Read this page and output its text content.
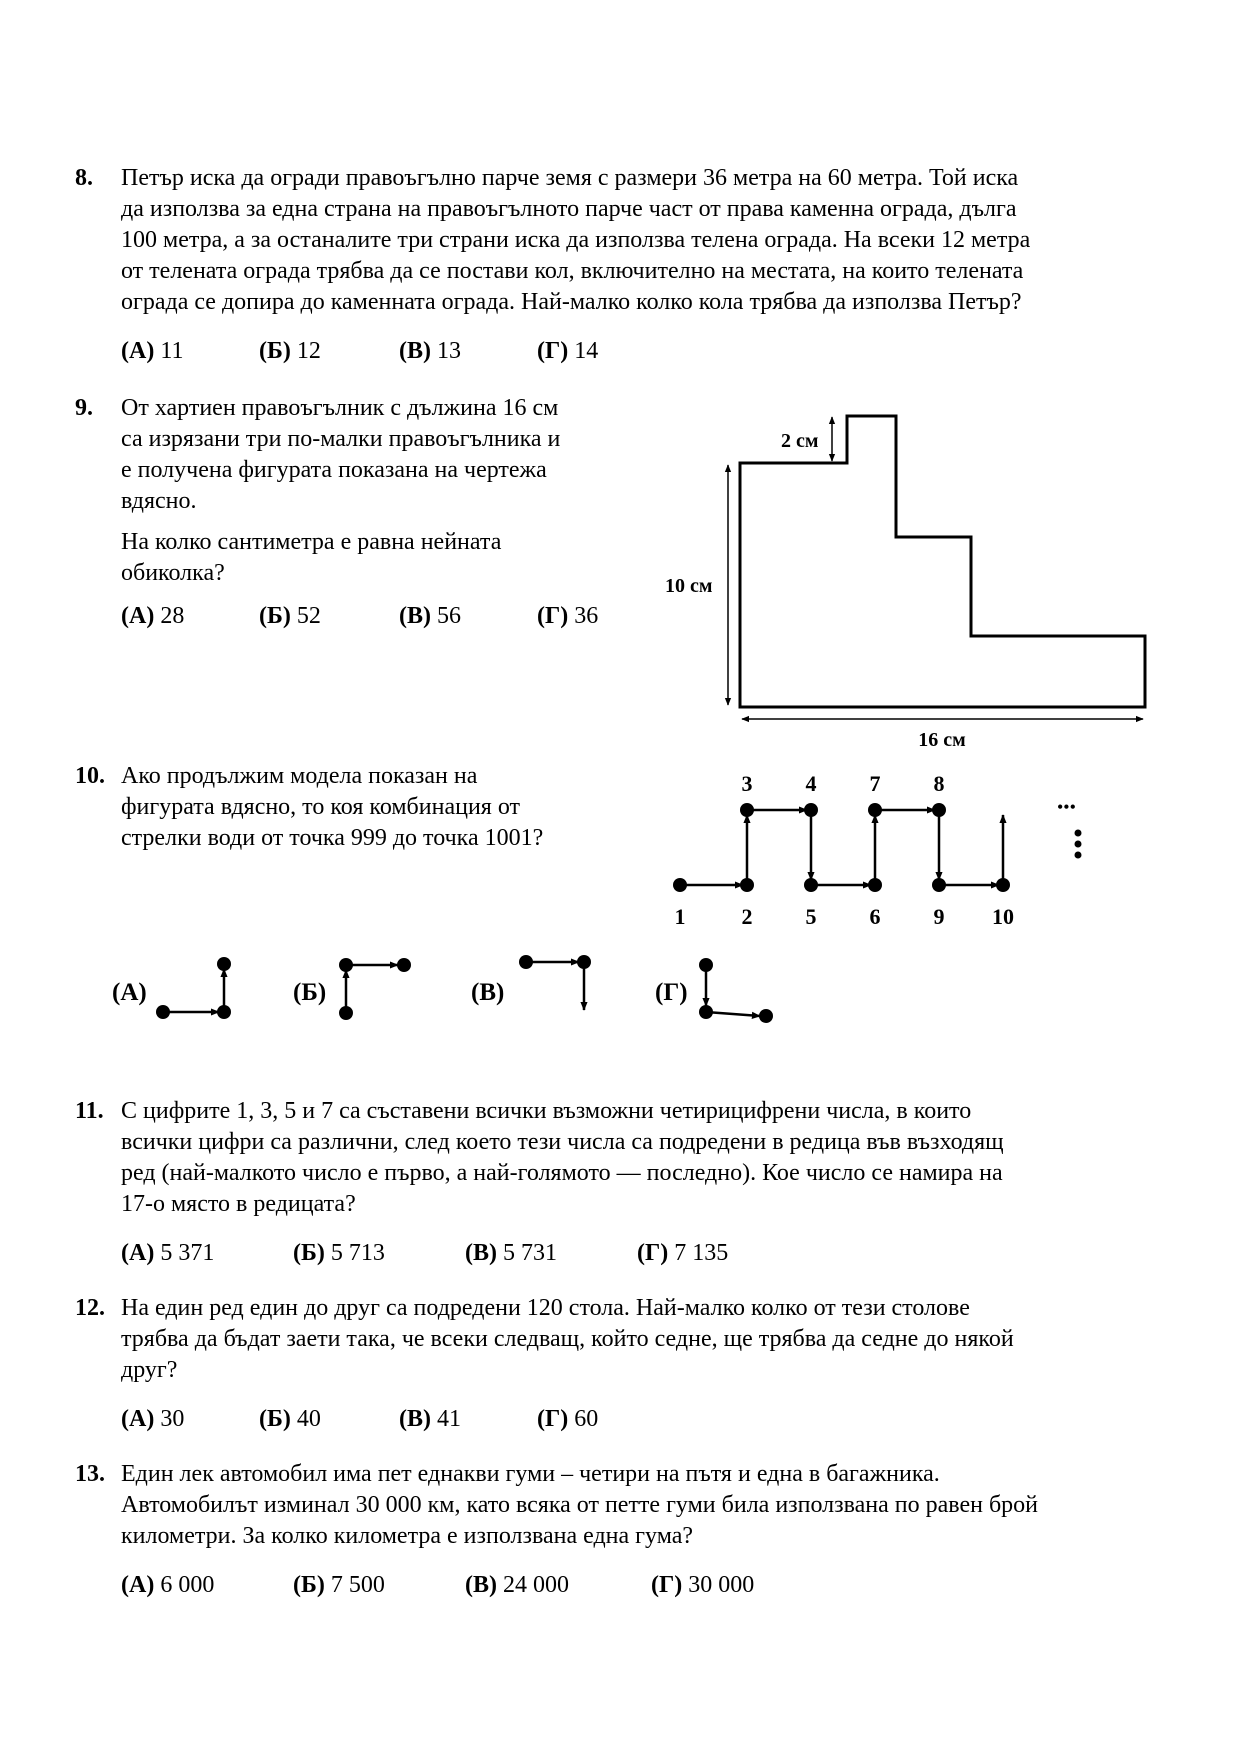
8. Петър иска да огради правоъгълно парче земя с размери 36 метра на 60 метра. Той иска
да използва за една страна на правоъгълното парче част от права каменна ограда, дълга
100 метра, а за останалите три страни иска да използва телена ограда. На всеки 12 метра
от телената ограда трябва да се постави кол, включително на местата, на които телената
ограда се допира до каменната ограда. Най-малко колко кола трябва да използва Петър?
(А) 11	(Б) 12	(В) 13	(Г) 14
9. От хартиен правоъгълник с дължина 16 см
са изрязани три по-малки правоъгълника и
е получена фигурата показана на чертежа
вдясно.
На колко сантиметра е равна нейната
обиколка?
(А) 28	(Б) 52	(В) 56	(Г) 36
2 см
10 см
16 см
10. Ако продължим модела показан на
фигурата вдясно, то коя комбинация от
стрелки води от точка 999 до точка 1001?
3 4 7 8
1	2 5 6 9 10
•••
(А)	(Б)	(В)	(Г)
11. С цифрите 1, 3, 5 и 7 са съставени всички възможни четирицифрени числа, в които
всички цифри са различни, след което тези числа са подредени в редица във възходящ
ред (най-малкото число е първо, а най-голямото — последно). Кое число се намира на
17-о място в редицата?
(А) 5 371	(Б) 5 713	(В) 5 731	(Г) 7 135
12. На един ред един до друг са подредени 120 стола. Най-малко колко от тези столове
трябва да бъдат заети така, че всеки следващ, който седне, ще трябва да седне до някой
друг?
(А) 30	(Б) 40	(В) 41	(Г) 60
13. Един лек автомобил има пет еднакви гуми – четири на пътя и една в багажника.
Автомобилът изминал 30 000 км, като всяка от петте гуми била използвана по равен брой
километри. За колко километра е използвана една гума?
(А) 6 000	(Б) 7 500	(В) 24 000	(Г) 30 000
